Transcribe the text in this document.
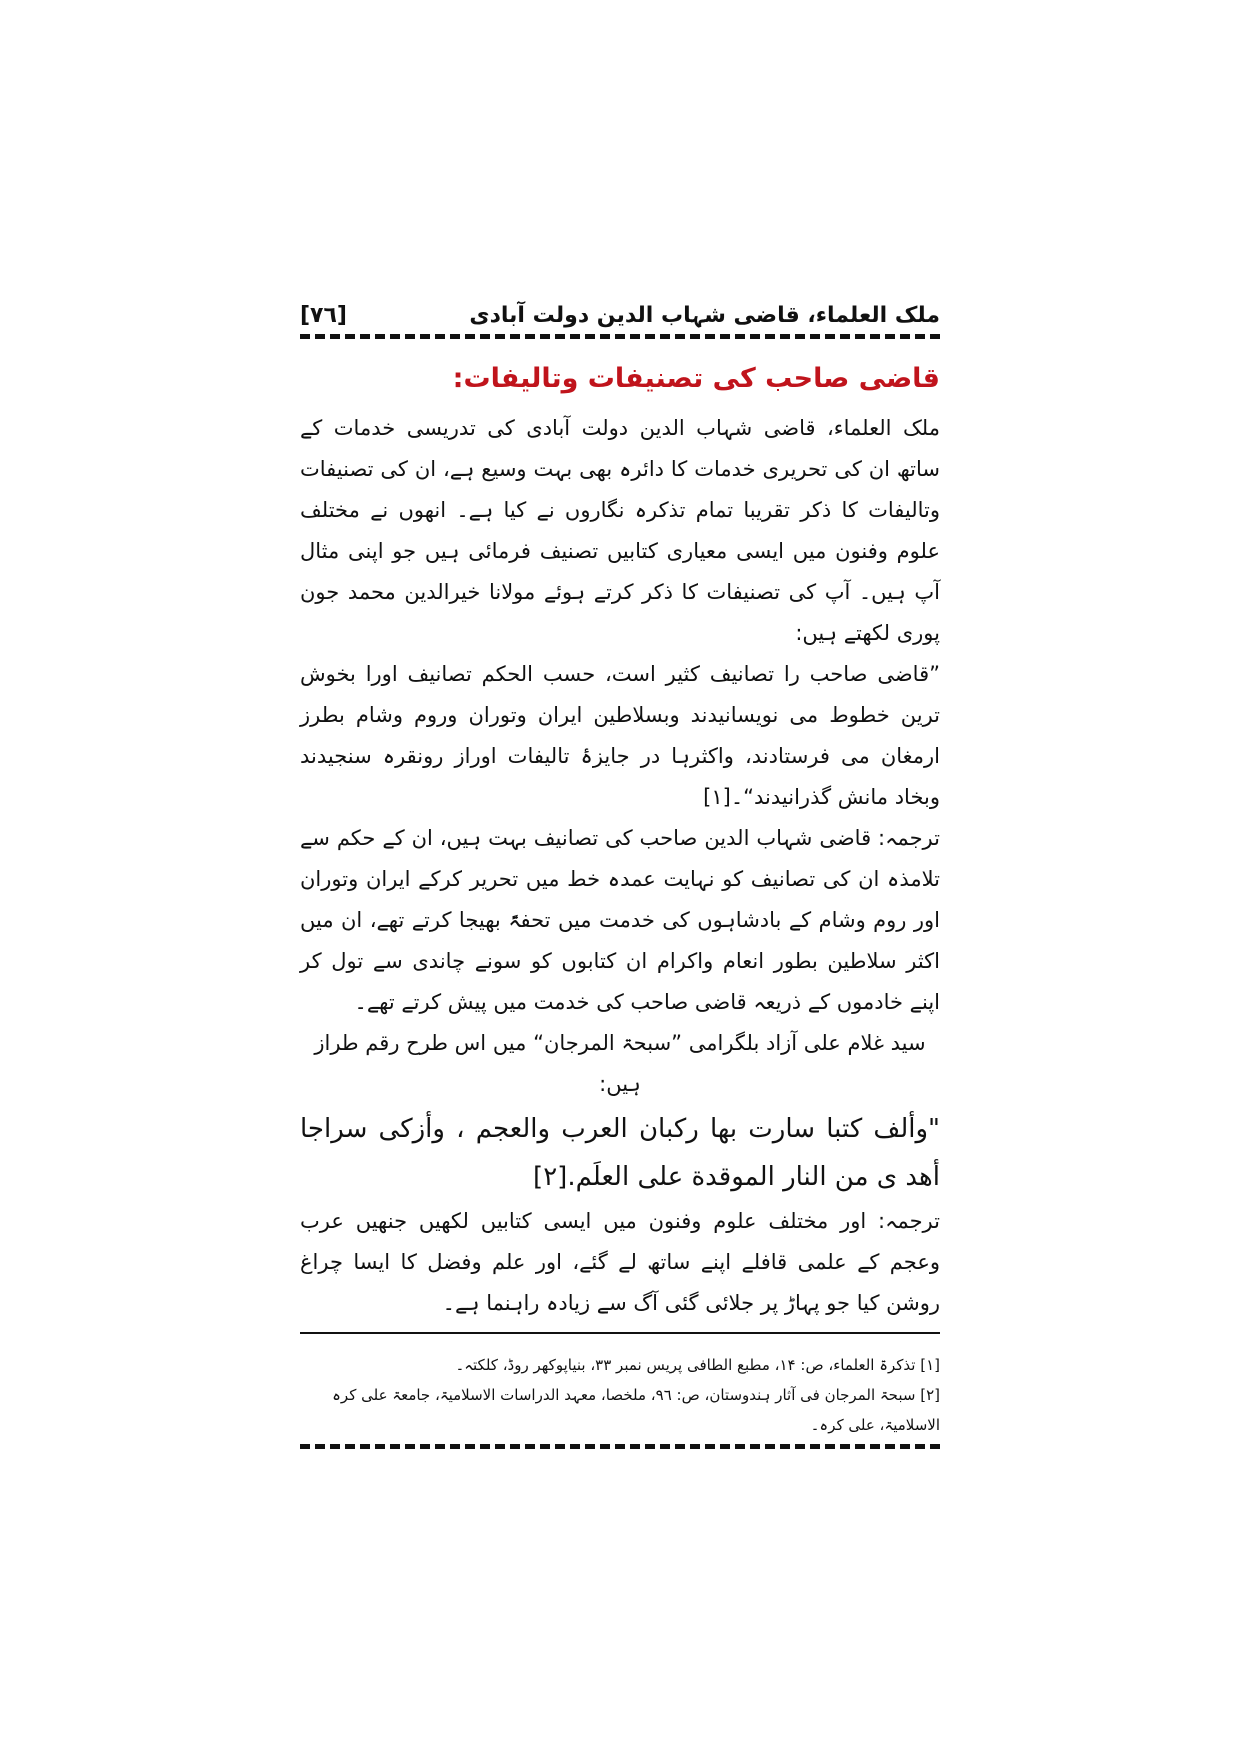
ملک العلماء، قاضی شہاب الدین دولت آبادی
[۷٦]
قاضی صاحب کی تصنیفات وتالیفات:

ملک العلماء، قاضی شہاب الدین دولت آبادی کی تدریسی خدمات کے ساتھ ان کی تحریری خدمات کا دائرہ بھی بہت وسیع ہے، ان کی تصنیفات وتالیفات کا ذکر تقریبا تمام تذکرہ نگاروں نے کیا ہے۔ انھوں نے مختلف علوم وفنون میں ایسی معیاری کتابیں تصنیف فرمائی ہیں جو اپنی مثال آپ ہیں۔ آپ کی تصنیفات کا ذکر کرتے ہوئے مولانا خیرالدین محمد جون پوری لکھتے ہیں:

”قاضی صاحب را تصانیف کثیر است، حسب الحکم تصانیف اورا بخوش ترین خطوط می نویسانیدند وبسلاطین ایران وتوران وروم وشام بطرز ارمغان می فرستادند، واکثرہا در جایزۂ تالیفات اوراز رونقرہ سنجیدند وبخاد مانش گذرانیدند“۔[۱]

ترجمہ: قاضی شہاب الدین صاحب کی تصانیف بہت ہیں، ان کے حکم سے تلامذہ ان کی تصانیف کو نہایت عمدہ خط میں تحریر کرکے ایران وتوران اور روم وشام کے بادشاہوں کی خدمت میں تحفۃً بھیجا کرتے تھے، ان میں اکثر سلاطین بطور انعام واکرام ان کتابوں کو سونے چاندی سے تول کر اپنے خادموں کے ذریعہ قاضی صاحب کی خدمت میں پیش کرتے تھے۔

سید غلام علی آزاد بلگرامی ”سبحۃ المرجان“ میں اس طرح رقم طراز ہیں:

"وألف كتبا سارت بها ركبان العرب والعجم ، وأزكى سراجا أهد ى من النار الموقدة على العلَم.[۲]

ترجمہ: اور مختلف علوم وفنون میں ایسی کتابیں لکھیں جنھیں عرب وعجم کے علمی قافلے اپنے ساتھ لے گئے، اور علم وفضل کا ایسا چراغ روشن کیا جو پہاڑ پر جلائی گئی آگ سے زیادہ راہنما ہے۔

[۱] تذکرۃ العلماء، ص: ۱۴، مطبع الطافی پریس نمبر ۳۳، بنیاپوکھر روڈ، کلکتہ۔

[۲] سبحۃ المرجان فی آثار ہندوستان، ص: ۹٦، ملخصا، معہد الدراسات الاسلامیۃ، جامعۃ علی کرہ الاسلامیۃ، علی کرہ۔
